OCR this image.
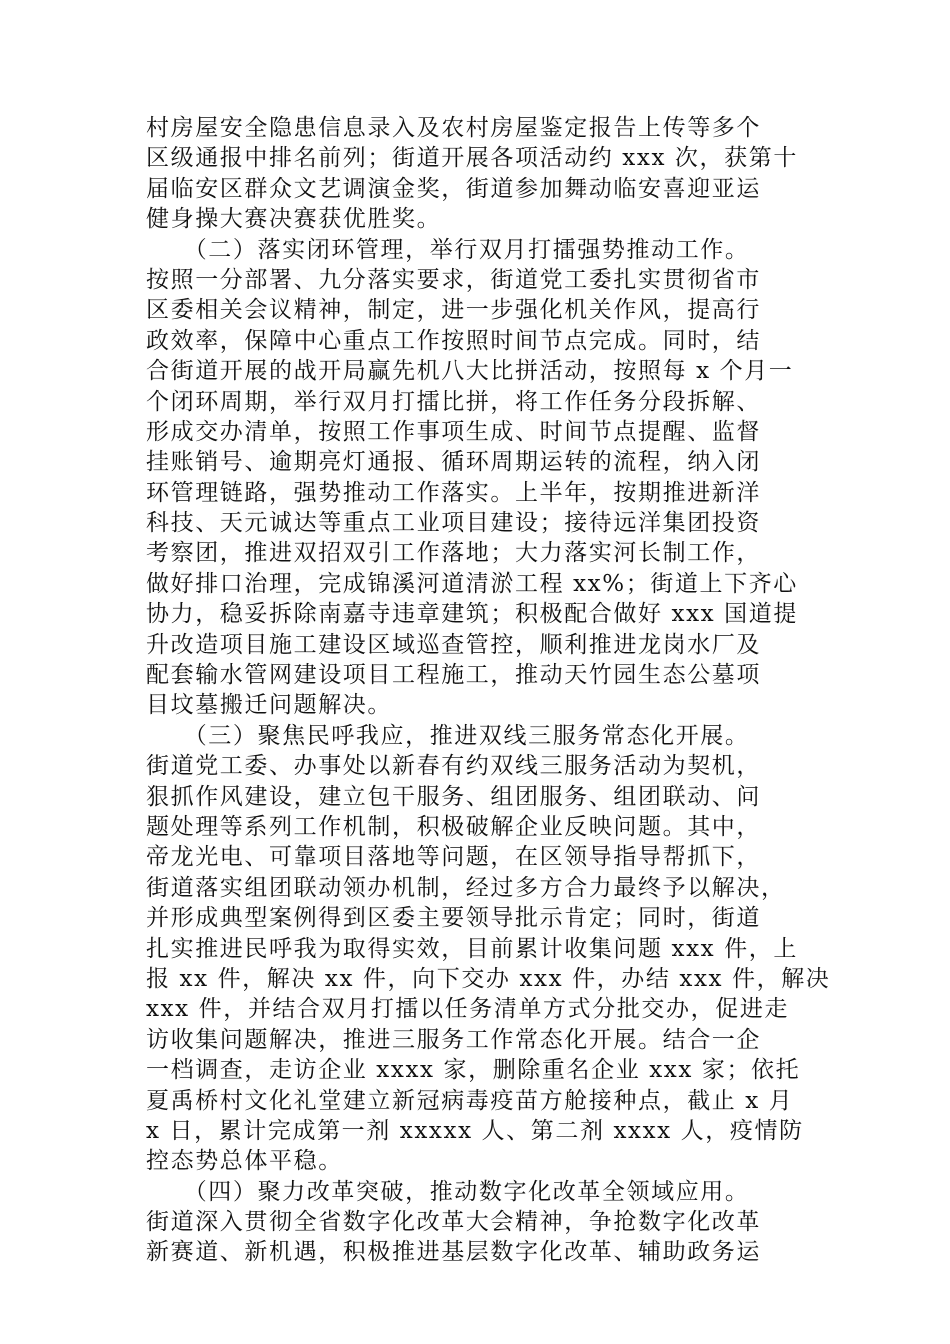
村房屋安全隐患信息录入及农村房屋鉴定报告上传等多个
区级通报中排名前列；街道开展各项活动约 xxx 次，获第十
届临安区群众文艺调演金奖，街道参加舞动临安喜迎亚运
健身操大赛决赛获优胜奖。
　　（二）落实闭环管理，举行双月打擂强势推动工作。
按照一分部署、九分落实要求，街道党工委扎实贯彻省市
区委相关会议精神，制定，进一步强化机关作风，提高行
政效率，保障中心重点工作按照时间节点完成。同时，结
合街道开展的战开局赢先机八大比拼活动，按照每 x 个月一
个闭环周期，举行双月打擂比拼，将工作任务分段拆解、
形成交办清单，按照工作事项生成、时间节点提醒、监督
挂账销号、逾期亮灯通报、循环周期运转的流程，纳入闭
环管理链路，强势推动工作落实。上半年，按期推进新洋
科技、天元诚达等重点工业项目建设；接待远洋集团投资
考察团，推进双招双引工作落地；大力落实河长制工作，
做好排口治理，完成锦溪河道清淤工程 xx%；街道上下齐心
协力，稳妥拆除南嘉寺违章建筑；积极配合做好 xxx 国道提
升改造项目施工建设区域巡查管控，顺利推进龙岗水厂及
配套输水管网建设项目工程施工，推动天竹园生态公墓项
目坟墓搬迁问题解决。
　　（三）聚焦民呼我应，推进双线三服务常态化开展。
街道党工委、办事处以新春有约双线三服务活动为契机，
狠抓作风建设，建立包干服务、组团服务、组团联动、问
题处理等系列工作机制，积极破解企业反映问题。其中，
帝龙光电、可靠项目落地等问题，在区领导指导帮抓下，
街道落实组团联动领办机制，经过多方合力最终予以解决，
并形成典型案例得到区委主要领导批示肯定；同时，街道
扎实推进民呼我为取得实效，目前累计收集问题 xxx 件，上
报 xx 件，解决 xx 件，向下交办 xxx 件，办结 xxx 件，解决
xxx 件，并结合双月打擂以任务清单方式分批交办，促进走
访收集问题解决，推进三服务工作常态化开展。结合一企
一档调查，走访企业 xxxx 家，删除重名企业 xxx 家；依托
夏禹桥村文化礼堂建立新冠病毒疫苗方舱接种点，截止 x 月
x 日，累计完成第一剂 xxxxx 人、第二剂 xxxx 人，疫情防
控态势总体平稳。
　　（四）聚力改革突破，推动数字化改革全领域应用。
街道深入贯彻全省数字化改革大会精神，争抢数字化改革
新赛道、新机遇，积极推进基层数字化改革、辅助政务运
